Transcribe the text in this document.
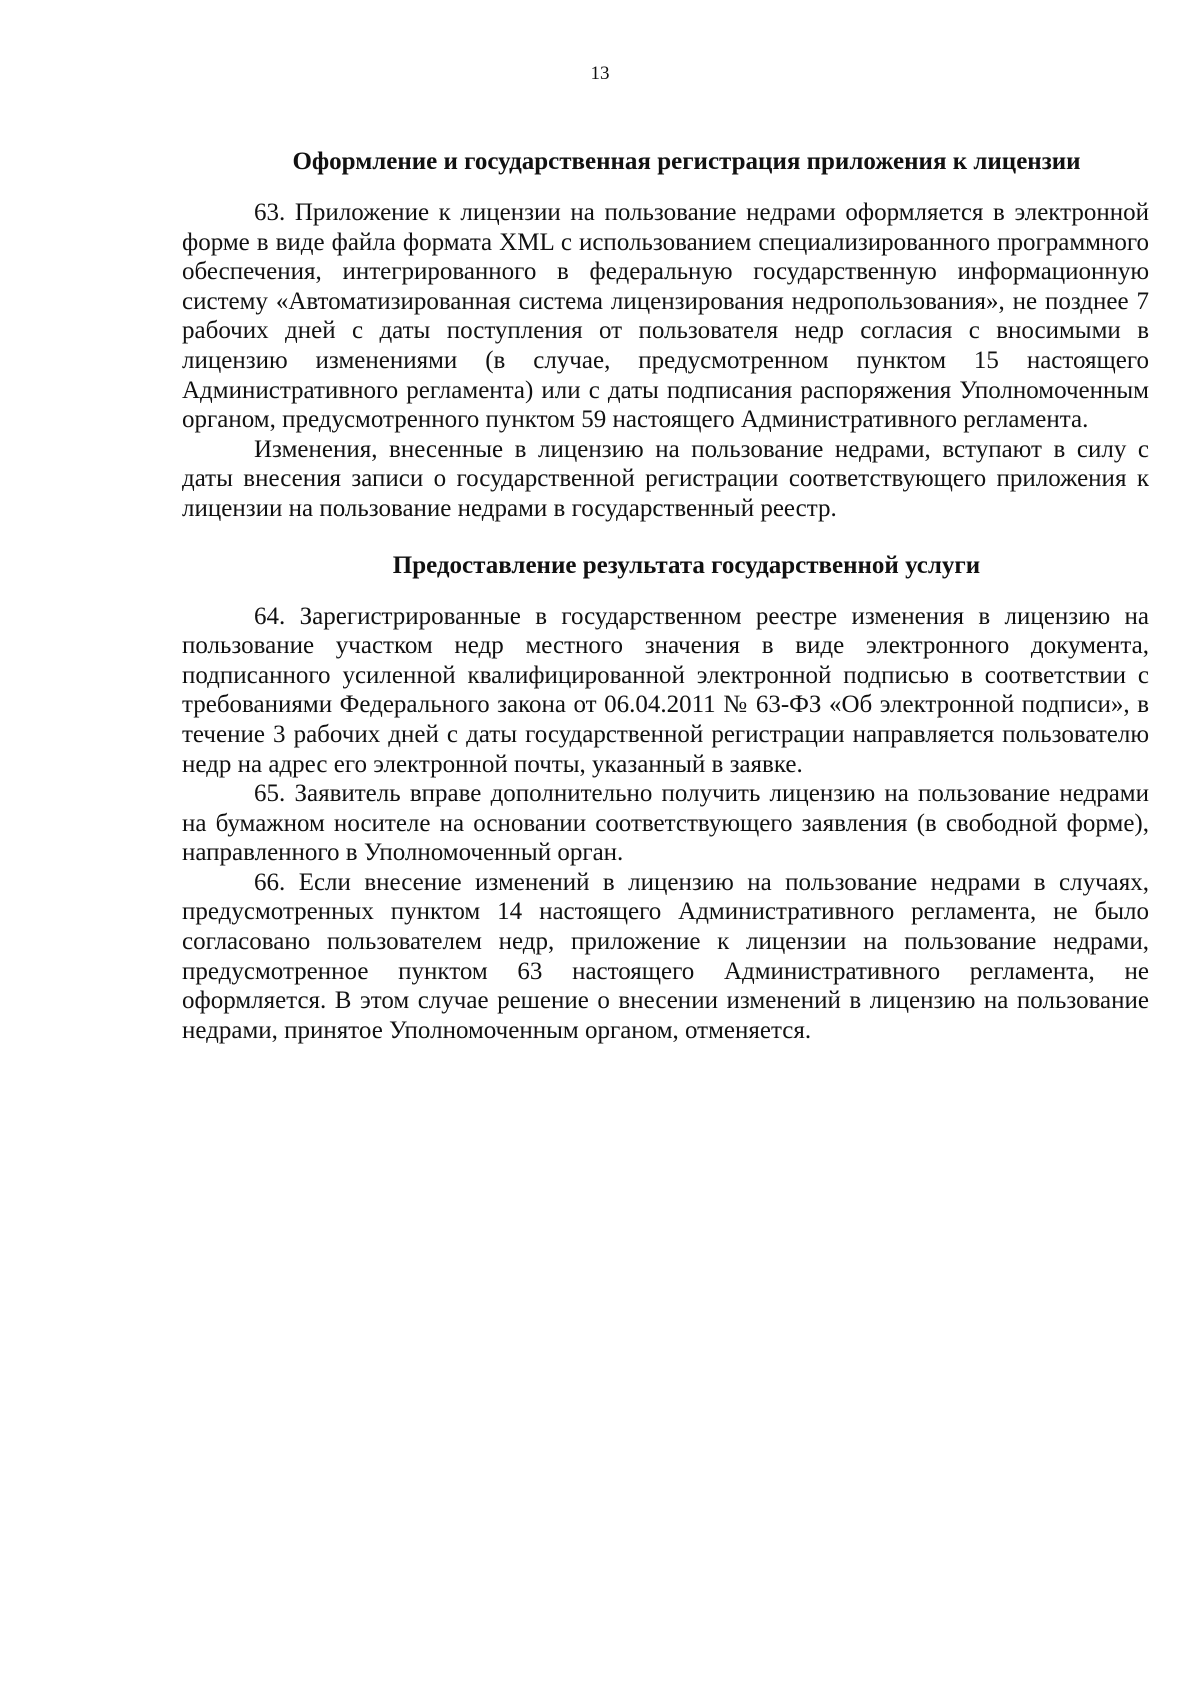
13
Оформление и государственная регистрация приложения к лицензии

63. Приложение к лицензии на пользование недрами оформляется в электронной форме в виде файла формата XML с использованием специализированного программного обеспечения, интегрированного в федеральную государственную информационную систему «Автоматизированная система лицензирования недропользования», не позднее 7 рабочих дней с даты поступления от пользователя недр согласия с вносимыми в лицензию изменениями (в случае, предусмотренном пунктом 15 настоящего Административного регламента) или с даты подписания распоряжения Уполномоченным органом, предусмотренного пунктом 59 настоящего Административного регламента.

Изменения, внесенные в лицензию на пользование недрами, вступают в силу с даты внесения записи о государственной регистрации соответствующего приложения к лицензии на пользование недрами в государственный реестр.

Предоставление результата государственной услуги

64. Зарегистрированные в государственном реестре изменения в лицензию на пользование участком недр местного значения в виде электронного документа, подписанного усиленной квалифицированной электронной подписью в соответствии с требованиями Федерального закона от 06.04.2011 № 63-ФЗ «Об электронной подписи», в течение 3 рабочих дней с даты государственной регистрации направляется пользователю недр на адрес его электронной почты, указанный в заявке.

65. Заявитель вправе дополнительно получить лицензию на пользование недрами на бумажном носителе на основании соответствующего заявления (в свободной форме), направленного в Уполномоченный орган.

66. Если внесение изменений в лицензию на пользование недрами в случаях, предусмотренных пунктом 14 настоящего Административного регламента, не было согласовано пользователем недр, приложение к лицензии на пользование недрами, предусмотренное пунктом 63 настоящего Административного регламента, не оформляется. В этом случае решение о внесении изменений в лицензию на пользование недрами, принятое Уполномоченным органом, отменяется.
